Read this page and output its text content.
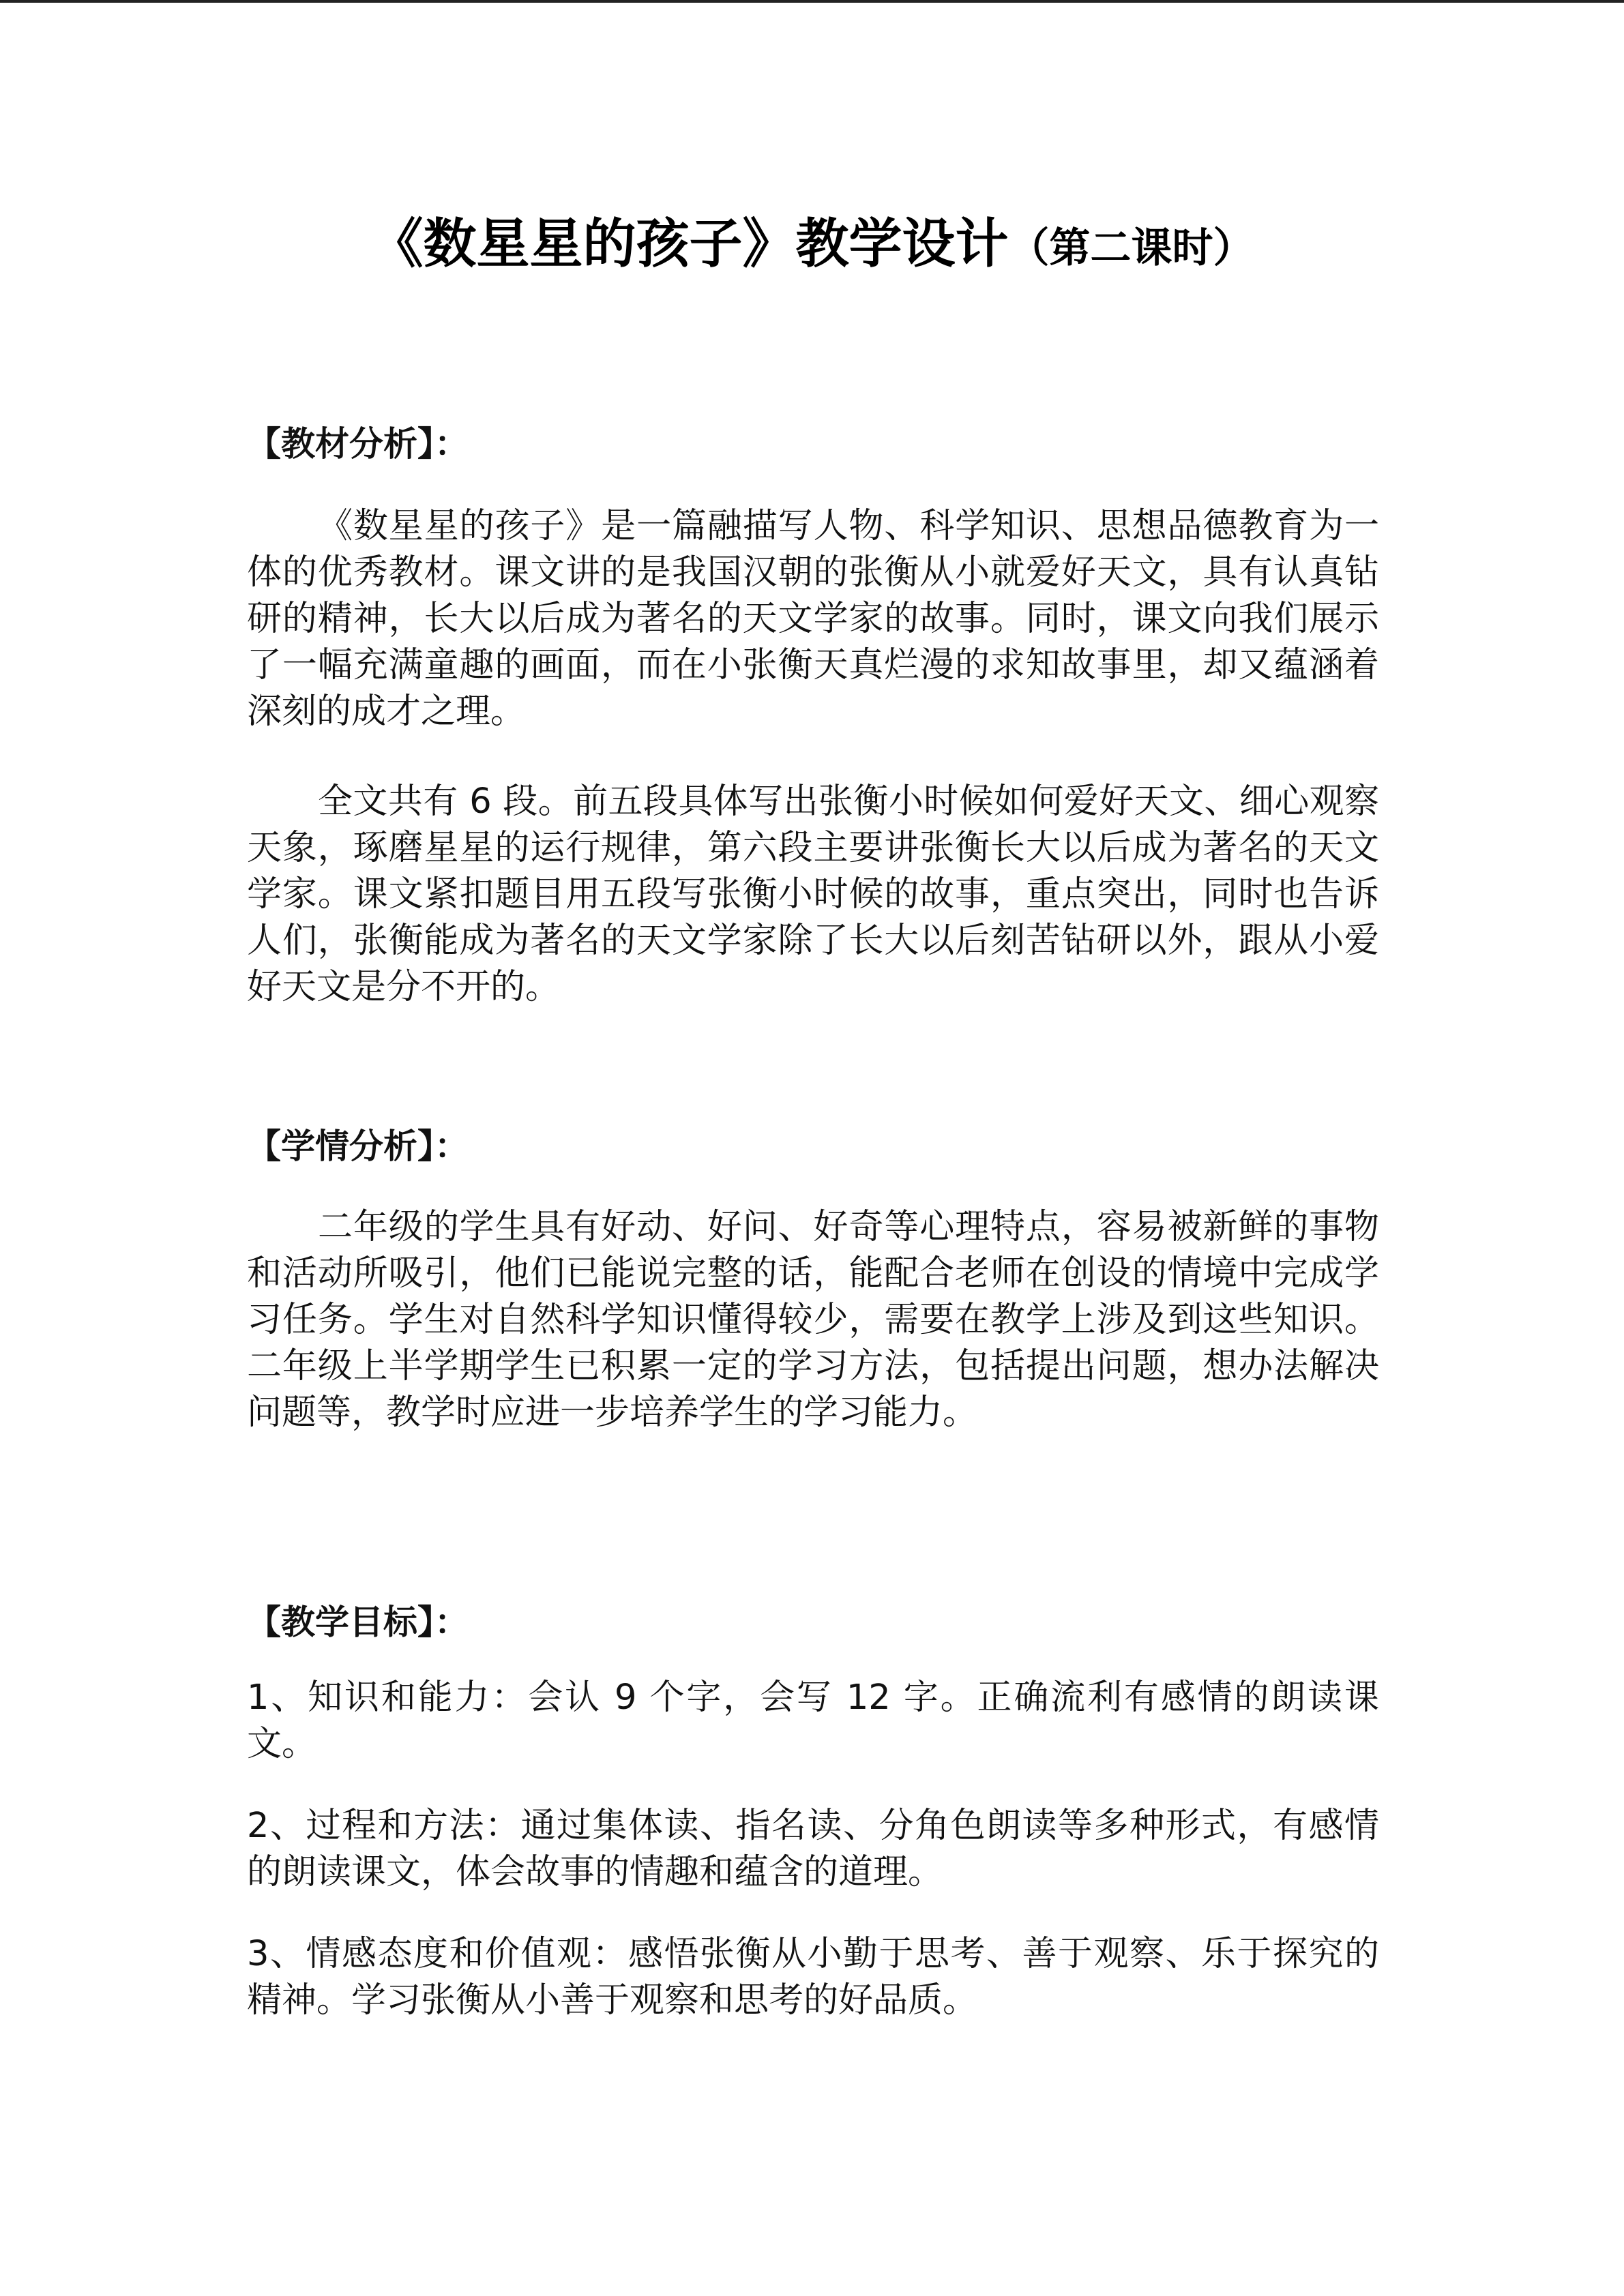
《数星星的孩子》教学设计（第二课时）
【教材分析】：

《数星星的孩子》是一篇融描写人物、科学知识、思想品德教育为一体的优秀教材。课文讲的是我国汉朝的张衡从小就爱好天文，具有认真钻研的精神，长大以后成为著名的天文学家的故事。同时，课文向我们展示了一幅充满童趣的画面，而在小张衡天真烂漫的求知故事里，却又蕴涵着深刻的成才之理。

全文共有 6 段。前五段具体写出张衡小时候如何爱好天文、细心观察天象，琢磨星星的运行规律，第六段主要讲张衡长大以后成为著名的天文学家。课文紧扣题目用五段写张衡小时候的故事，重点突出，同时也告诉人们，张衡能成为著名的天文学家除了长大以后刻苦钻研以外，跟从小爱好天文是分不开的。

【学情分析】：

二年级的学生具有好动、好问、好奇等心理特点，容易被新鲜的事物和活动所吸引，他们已能说完整的话，能配合老师在创设的情境中完成学习任务。学生对自然科学知识懂得较少，需要在教学上涉及到这些知识。二年级上半学期学生已积累一定的学习方法，包括提出问题，想办法解决问题等，教学时应进一步培养学生的学习能力。

【教学目标】：

1、知识和能力：会认 9 个字，会写 12 字。正确流利有感情的朗读课文。

2、过程和方法：通过集体读、指名读、分角色朗读等多种形式，有感情的朗读课文，体会故事的情趣和蕴含的道理。

3、情感态度和价值观：感悟张衡从小勤于思考、善于观察、乐于探究的精神。学习张衡从小善于观察和思考的好品质。
